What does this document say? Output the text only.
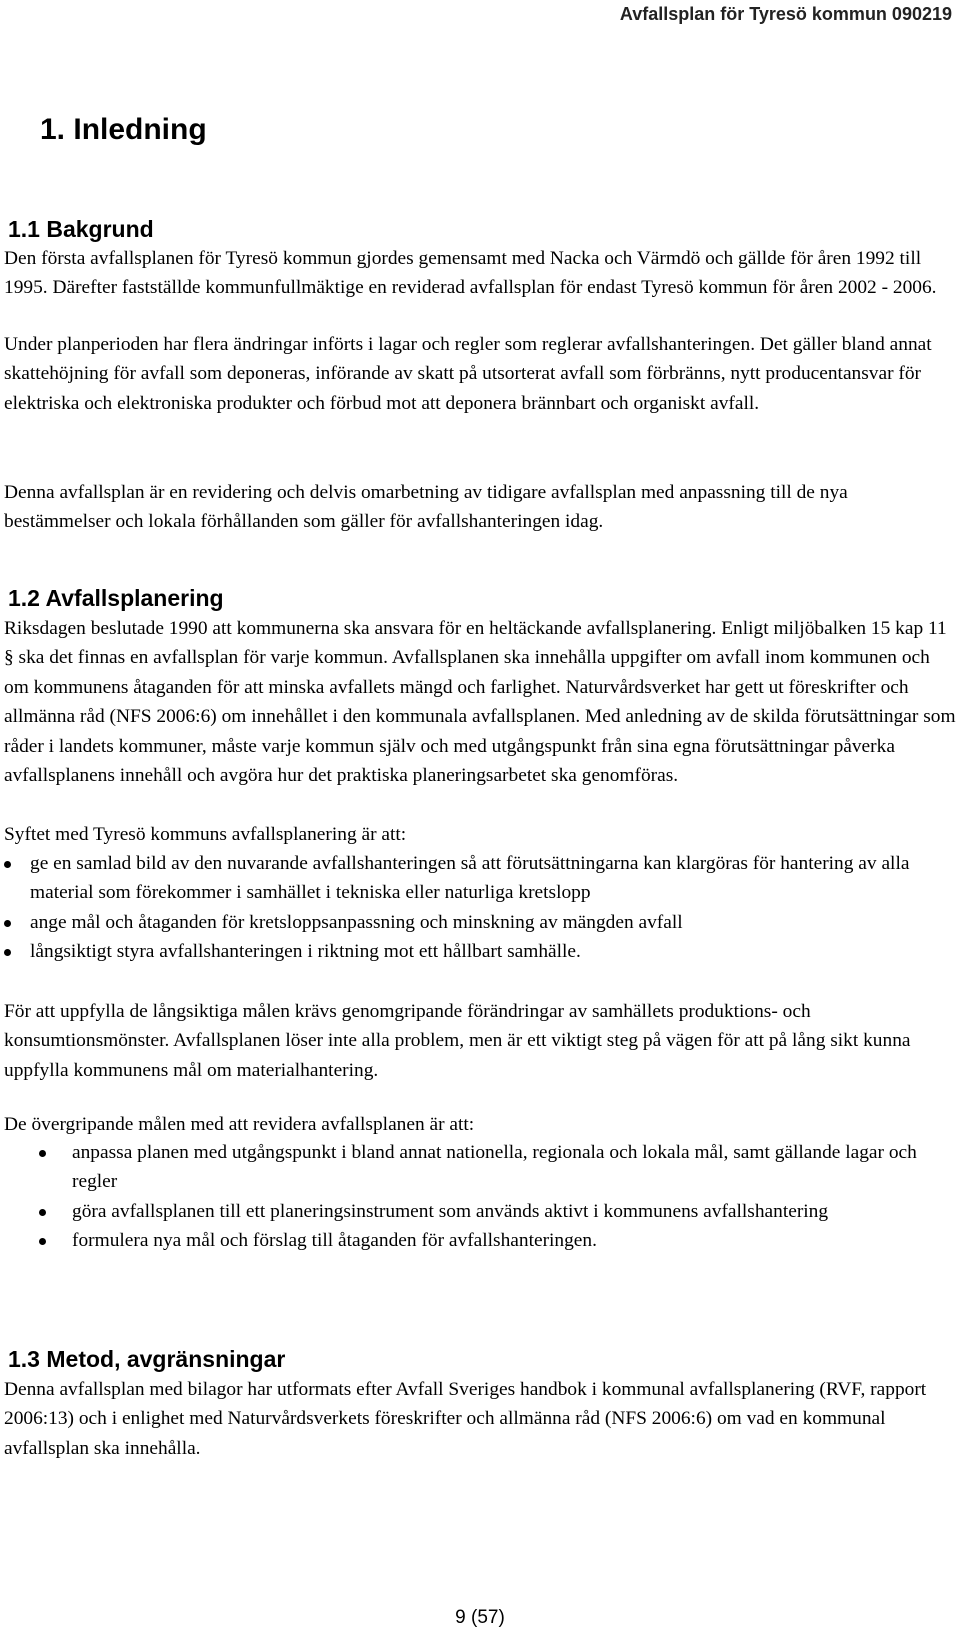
Avfallsplan för Tyresö kommun 090219
1. Inledning
1.1 Bakgrund

Den första avfallsplanen för Tyresö kommun gjordes gemensamt med Nacka och Värmdö och gällde för åren 1992 till 1995. Därefter fastställde kommunfullmäktige en reviderad avfallsplan för endast Tyresö kommun för åren 2002 - 2006.

Under planperioden har flera ändringar införts i lagar och regler som reglerar avfallshanteringen. Det gäller bland annat skattehöjning för avfall som deponeras, införande av skatt på utsorterat avfall som förbränns, nytt producentansvar för elektriska och elektroniska produkter och förbud mot att deponera brännbart och organiskt avfall.

Denna avfallsplan är en revidering och delvis omarbetning av tidigare avfallsplan med anpassning till de nya bestämmelser och lokala förhållanden som gäller för avfallshanteringen idag.

1.2 Avfallsplanering

Riksdagen beslutade 1990 att kommunerna ska ansvara för en heltäckande avfallsplanering. Enligt miljöbalken 15 kap 11 § ska det finnas en avfallsplan för varje kommun. Avfallsplanen ska innehålla uppgifter om avfall inom kommunen och om kommunens åtaganden för att minska avfallets mängd och farlighet. Naturvårdsverket har gett ut föreskrifter och allmänna råd (NFS 2006:6) om innehållet i den kommunala avfallsplanen. Med anledning av de skilda förutsättningar som råder i landets kommuner, måste varje kommun själv och med utgångspunkt från sina egna förutsättningar påverka avfallsplanens innehåll och avgöra hur det praktiska planeringsarbetet ska genomföras.

Syftet med Tyresö kommuns avfallsplanering är att:

ge en samlad bild av den nuvarande avfallshanteringen så att förutsättningarna kan klargöras för hantering av alla material som förekommer i samhället i tekniska eller naturliga kretslopp
ange mål och åtaganden för kretsloppsanpassning och minskning av mängden avfall
långsiktigt styra avfallshanteringen i riktning mot ett hållbart samhälle.

För att uppfylla de långsiktiga målen krävs genomgripande förändringar av samhällets produktions- och konsumtionsmönster. Avfallsplanen löser inte alla problem, men är ett viktigt steg på vägen för att på lång sikt kunna uppfylla kommunens mål om materialhantering.

De övergripande målen med att revidera avfallsplanen är att:

anpassa planen med utgångspunkt i bland annat nationella, regionala och lokala mål, samt gällande lagar och regler
göra avfallsplanen till ett planeringsinstrument som används aktivt i kommunens avfallshantering
formulera nya mål och förslag till åtaganden för avfallshanteringen.
1.3 Metod, avgränsningar

Denna avfallsplan med bilagor har utformats efter Avfall Sveriges handbok i kommunal avfallsplanering (RVF, rapport 2006:13) och i enlighet med Naturvårdsverkets föreskrifter och allmänna råd (NFS 2006:6) om vad en kommunal avfallsplan ska innehålla.

9 (57)
